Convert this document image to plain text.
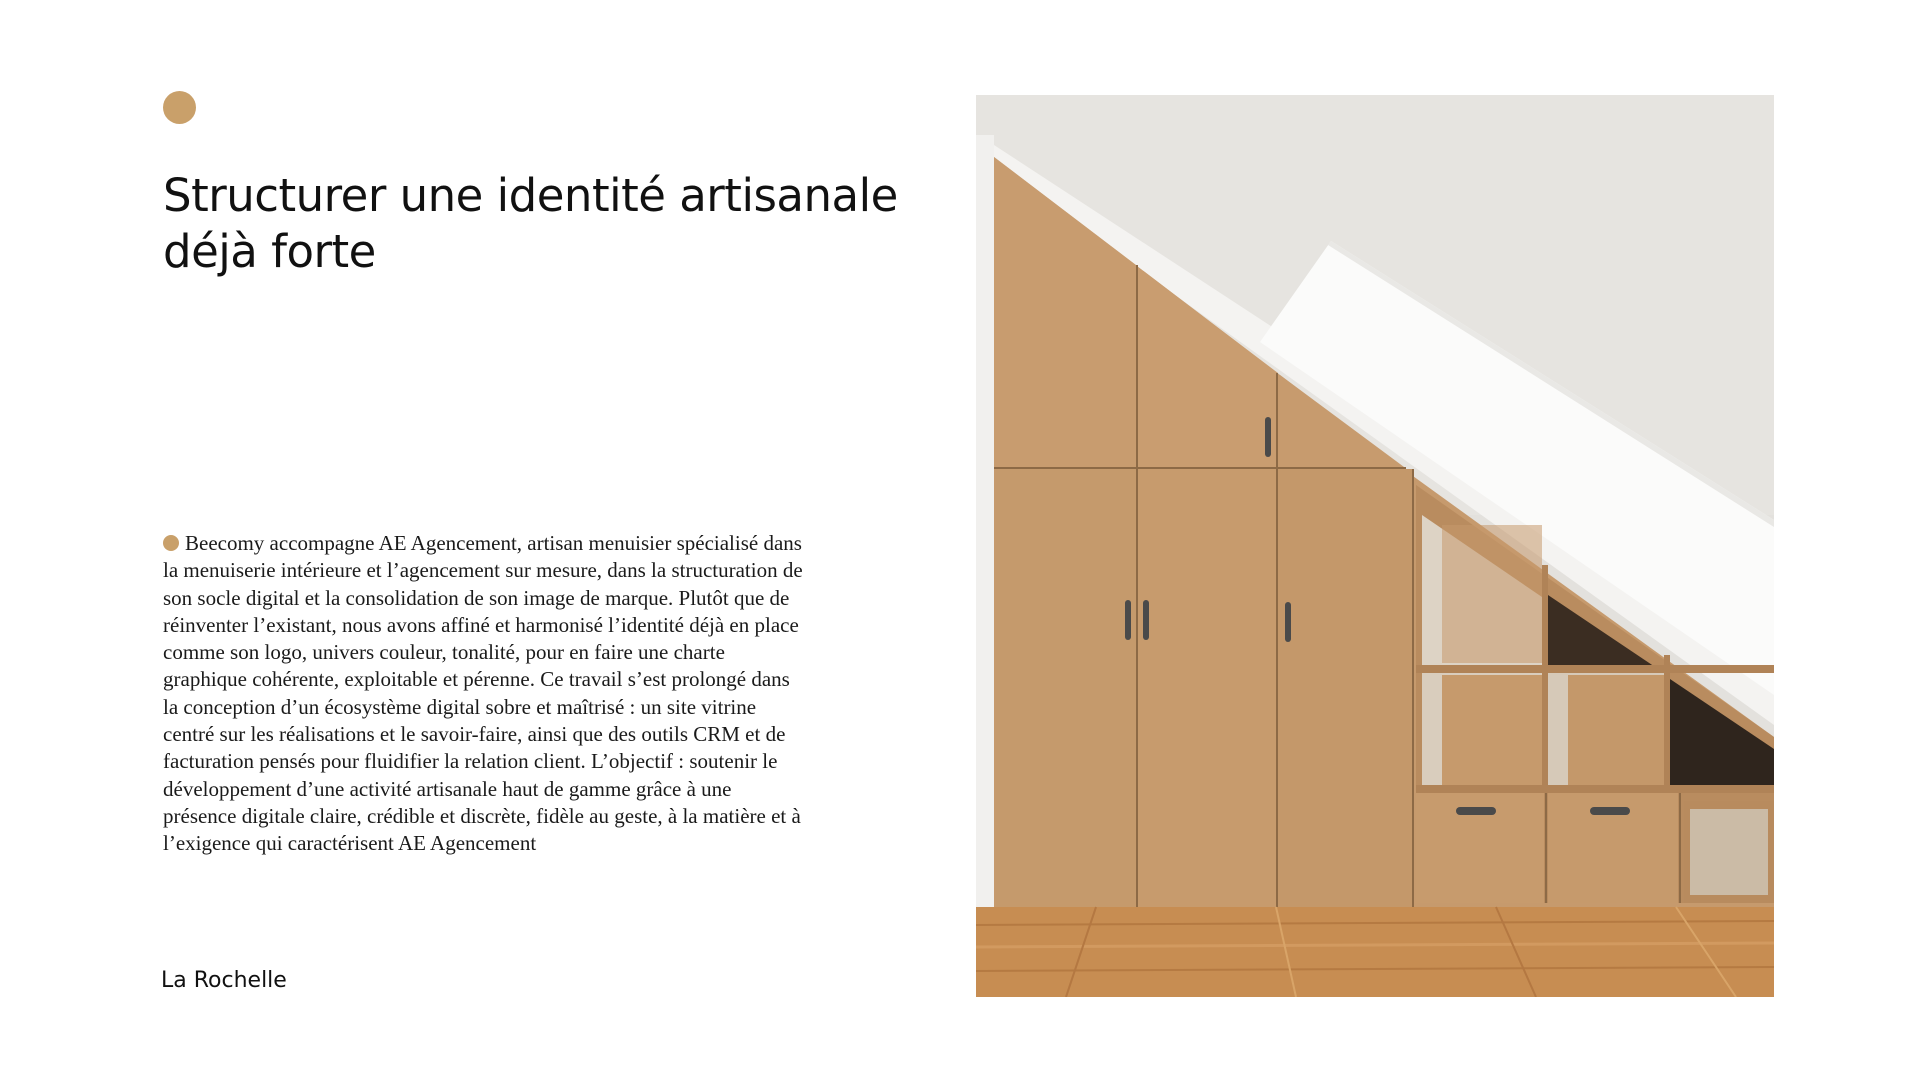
Structurer une identité artisanale déjà forte

Beecomy accompagne AE Agencement, artisan menuisier spécialisé dans la menuiserie intérieure et l’agencement sur mesure, dans la structuration de son socle digital et la consolidation de son image de marque. Plutôt que de réinventer l’existant, nous avons affiné et harmonisé l’identité déjà en place comme son logo, univers couleur, tonalité, pour en faire une charte graphique cohérente, exploitable et pérenne. Ce travail s’est prolongé dans la conception d’un écosystème digital sobre et maîtrisé : un site vitrine centré sur les réalisations et le savoir-faire, ainsi que des outils CRM et de facturation pensés pour fluidifier la relation client. L’objectif : soutenir le développement d’une activité artisanale haut de gamme grâce à une présence digitale claire, crédible et discrète, fidèle au geste, à la matière et à l’exigence qui caractérisent AE Agencement

La Rochelle
